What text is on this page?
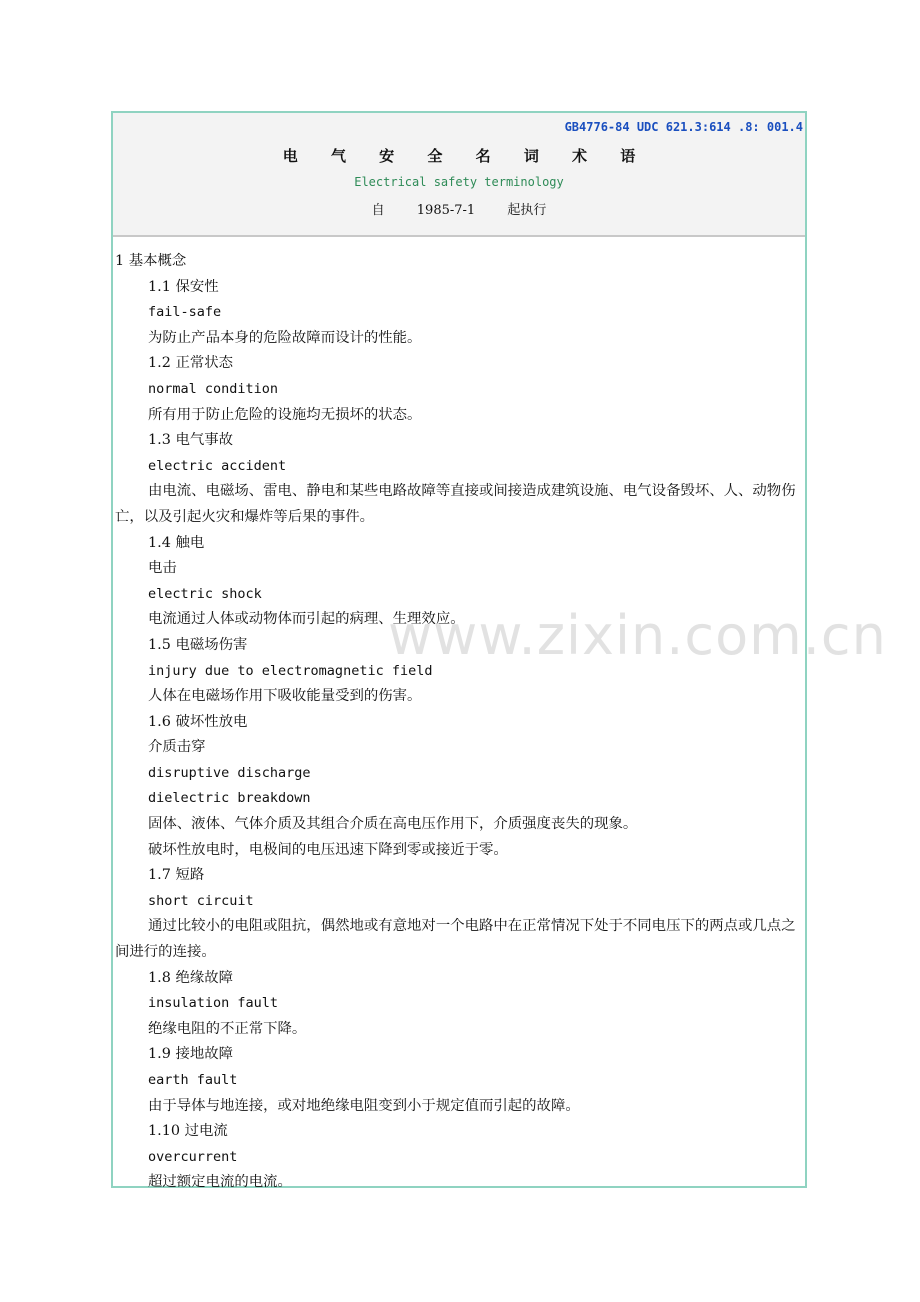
GB4776-84 UDC 621.3:614 .8: 001.4
电 气 安 全 名 词 术 语
Electrical safety terminology
自 1985-7-1 起执行
1 基本概念
1.1 保安性
fail-safe
为防止产品本身的危险故障而设计的性能。
1.2 正常状态
normal condition
所有用于防止危险的设施均无损坏的状态。
1.3 电气事故
electric accident
由电流、电磁场、雷电、静电和某些电路故障等直接或间接造成建筑设施、电气设备毁坏、人、动物伤亡，以及引起火灾和爆炸等后果的事件。
1.4 触电
电击
electric shock
电流通过人体或动物体而引起的病理、生理效应。
1.5 电磁场伤害
injury due to electromagnetic field
人体在电磁场作用下吸收能量受到的伤害。
1.6 破坏性放电
介质击穿
disruptive discharge
dielectric breakdown
固体、液体、气体介质及其组合介质在高电压作用下，介质强度丧失的现象。
破坏性放电时，电极间的电压迅速下降到零或接近于零。
1.7 短路
short circuit
通过比较小的电阻或阻抗，偶然地或有意地对一个电路中在正常情况下处于不同电压下的两点或几点之间进行的连接。
1.8 绝缘故障
insulation fault
绝缘电阻的不正常下降。
1.9 接地故障
earth fault
由于导体与地连接，或对地绝缘电阻变到小于规定值而引起的故障。
1.10 过电流
overcurrent
超过额定电流的电流。
www.zixin.com.cn
